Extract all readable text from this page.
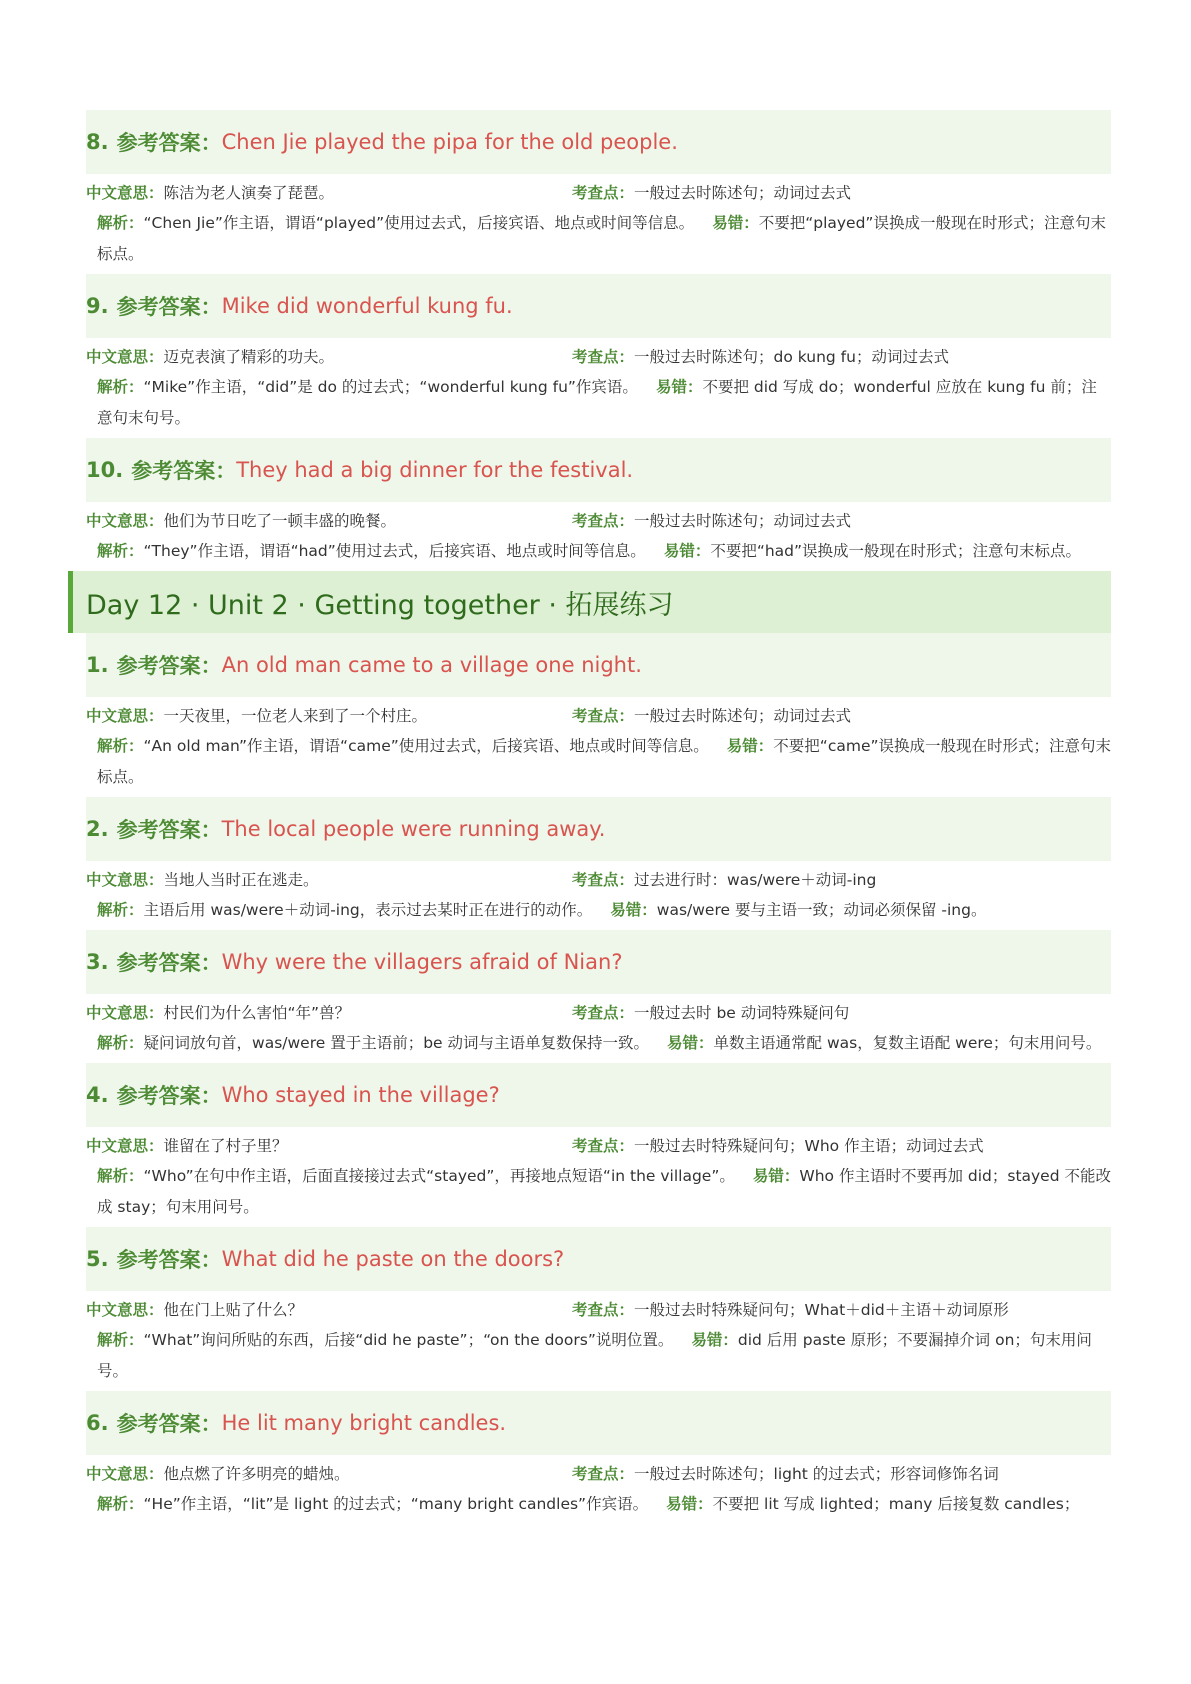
8. 参考答案： Chen Jie played the pipa for the old people.
中文意思：陈洁为老人演奏了琵琶。	考查点：一般过去时陈述句；动词过去式
解析：“Chen Jie”作主语，谓语“played”使用过去式，后接宾语、地点或时间等信息。 易错：不要把“played”误换成一般现在时形式；注意句末标点。
9. 参考答案： Mike did wonderful kung fu.
中文意思：迈克表演了精彩的功夫。	考查点：一般过去时陈述句；do kung fu；动词过去式
解析：“Mike”作主语，“did”是 do 的过去式；“wonderful kung fu”作宾语。 易错：不要把 did 写成 do；wonderful 应放在 kung fu 前；注意句末句号。
10. 参考答案： They had a big dinner for the festival.
中文意思：他们为节日吃了一顿丰盛的晚餐。	考查点：一般过去时陈述句；动词过去式
解析：“They”作主语，谓语“had”使用过去式，后接宾语、地点或时间等信息。 易错：不要把“had”误换成一般现在时形式；注意句末标点。
Day 12 · Unit 2 · Getting together · 拓展练习
1. 参考答案： An old man came to a village one night.
中文意思：一天夜里，一位老人来到了一个村庄。	考查点：一般过去时陈述句；动词过去式
解析：“An old man”作主语，谓语“came”使用过去式，后接宾语、地点或时间等信息。 易错：不要把“came”误换成一般现在时形式；注意句末标点。
2. 参考答案： The local people were running away.
中文意思：当地人当时正在逃走。	考查点：过去进行时：was/were＋动词-ing
解析：主语后用 was/were＋动词-ing，表示过去某时正在进行的动作。 易错：was/were 要与主语一致；动词必须保留 -ing。
3. 参考答案： Why were the villagers afraid of Nian?
中文意思：村民们为什么害怕“年”兽？	考查点：一般过去时 be 动词特殊疑问句
解析：疑问词放句首，was/were 置于主语前；be 动词与主语单复数保持一致。 易错：单数主语通常配 was，复数主语配 were；句末用问号。
4. 参考答案： Who stayed in the village?
中文意思：谁留在了村子里？	考查点：一般过去时特殊疑问句；Who 作主语；动词过去式
解析：“Who”在句中作主语，后面直接接过去式“stayed”，再接地点短语“in the village”。 易错：Who 作主语时不要再加 did；stayed 不能改成 stay；句末用问号。
5. 参考答案： What did he paste on the doors?
中文意思：他在门上贴了什么？	考查点：一般过去时特殊疑问句；What＋did＋主语＋动词原形
解析：“What”询问所贴的东西，后接“did he paste”；“on the doors”说明位置。 易错：did 后用 paste 原形；不要漏掉介词 on；句末用问号。
6. 参考答案： He lit many bright candles.
中文意思：他点燃了许多明亮的蜡烛。	考查点：一般过去时陈述句；light 的过去式；形容词修饰名词
解析：“He”作主语，“lit”是 light 的过去式；“many bright candles”作宾语。 易错：不要把 lit 写成 lighted；many 后接复数 candles；
